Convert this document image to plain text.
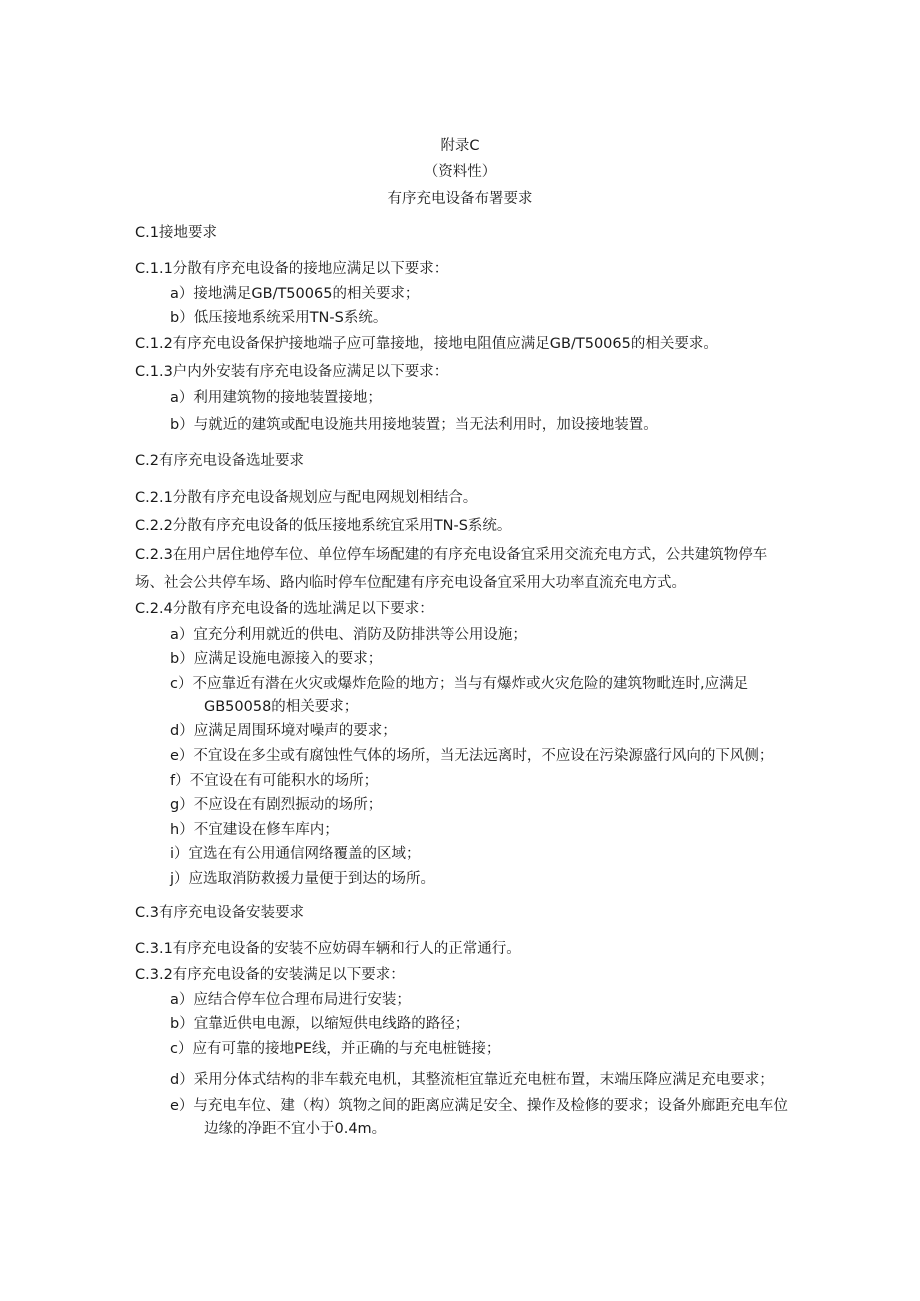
附录C
（资料性）
有序充电设备布署要求
C.1接地要求
C.1.1分散有序充电设备的接地应满足以下要求：
a）接地满足GB/T50065的相关要求；
b）低压接地系统采用TN-S系统。
C.1.2有序充电设备保护接地端子应可靠接地，接地电阻值应满足GB/T50065的相关要求。
C.1.3户内外安装有序充电设备应满足以下要求：
a）利用建筑物的接地装置接地；
b）与就近的建筑或配电设施共用接地装置；当无法利用时，加设接地装置。
C.2有序充电设备选址要求
C.2.1分散有序充电设备规划应与配电网规划相结合。
C.2.2分散有序充电设备的低压接地系统宜采用TN-S系统。
C.2.3在用户居住地停车位、单位停车场配建的有序充电设备宜采用交流充电方式，公共建筑物停车
场、社会公共停车场、路内临时停车位配建有序充电设备宜采用大功率直流充电方式。
C.2.4分散有序充电设备的选址满足以下要求：
a）宜充分利用就近的供电、消防及防排洪等公用设施；
b）应满足设施电源接入的要求；
c）不应靠近有潜在火灾或爆炸危险的地方；当与有爆炸或火灾危险的建筑物毗连时,应满足
GB50058的相关要求；
d）应满足周围环境对噪声的要求；
e）不宜设在多尘或有腐蚀性气体的场所，当无法远离时，不应设在污染源盛行风向的下风侧；
f）不宜设在有可能积水的场所；
g）不应设在有剧烈振动的场所；
h）不宜建设在修车库内；
i）宜选在有公用通信网络覆盖的区域；
j）应选取消防救援力量便于到达的场所。
C.3有序充电设备安装要求
C.3.1有序充电设备的安装不应妨碍车辆和行人的正常通行。
C.3.2有序充电设备的安装满足以下要求：
a）应结合停车位合理布局进行安装；
b）宜靠近供电电源，以缩短供电线路的路径；
c）应有可靠的接地PE线，并正确的与充电桩链接；
d）采用分体式结构的非车载充电机，其整流柜宜靠近充电桩布置，末端压降应满足充电要求；
e）与充电车位、建（构）筑物之间的距离应满足安全、操作及检修的要求；设备外廊距充电车位
边缘的净距不宜小于0.4m。
